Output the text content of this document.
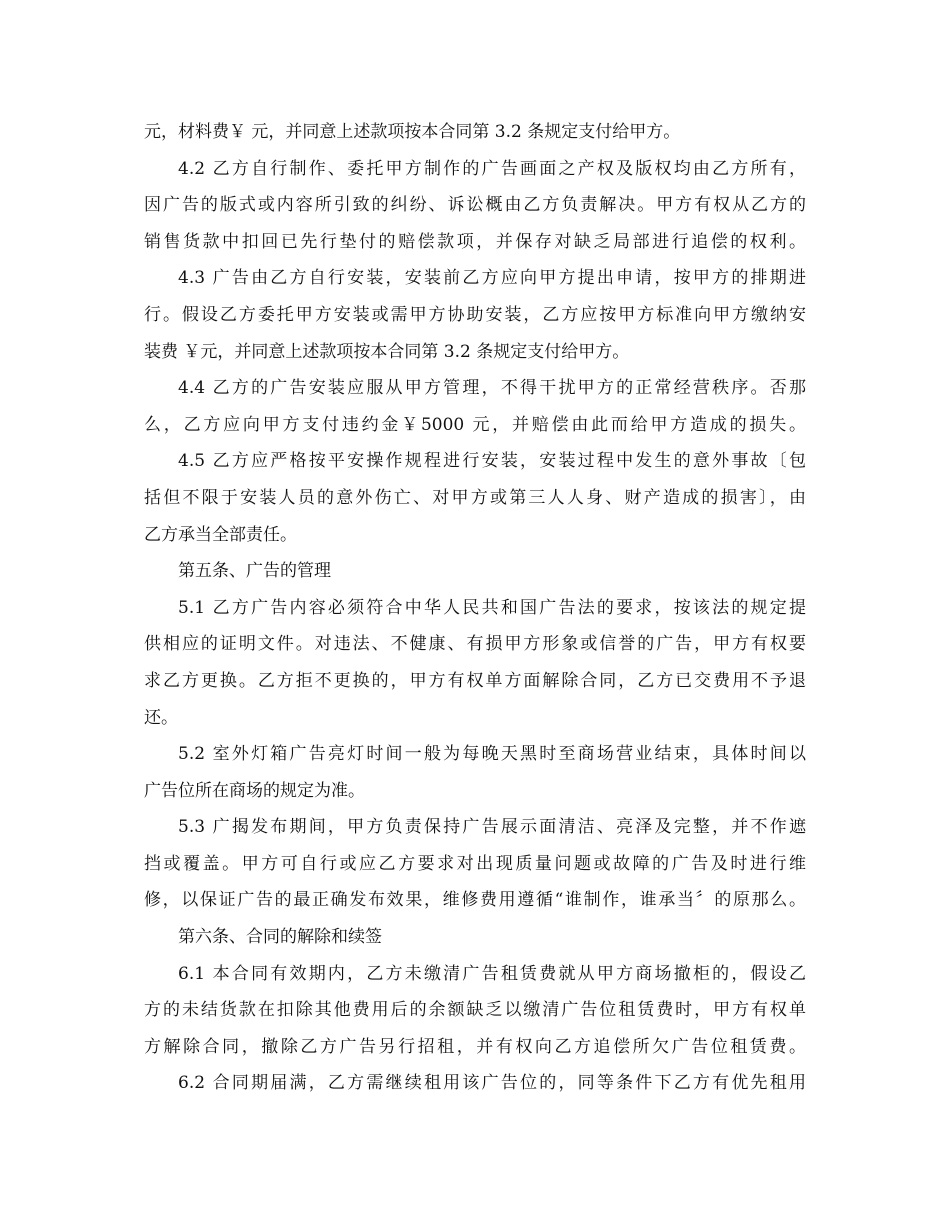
元，材料费￥ 元，并同意上述款项按本合同第 3.2 条规定支付给甲方。
4.2 乙方自行制作、委托甲方制作的广告画面之产权及版权均由乙方所有，
因广告的版式或内容所引致的纠纷、诉讼概由乙方负责解决。甲方有权从乙方的
销售货款中扣回已先行垫付的赔偿款项，并保存对缺乏局部进行追偿的权利。
4.3 广告由乙方自行安装，安装前乙方应向甲方提出申请，按甲方的排期进
行。假设乙方委托甲方安装或需甲方协助安装，乙方应按甲方标准向甲方缴纳安
装费 ￥元，并同意上述款项按本合同第 3.2 条规定支付给甲方。
4.4 乙方的广告安装应服从甲方管理，不得干扰甲方的正常经营秩序。否那
么，乙方应向甲方支付违约金￥5000 元，并赔偿由此而给甲方造成的损失。
4.5 乙方应严格按平安操作规程进行安装，安装过程中发生的意外事故〔包
括但不限于安装人员的意外伤亡、对甲方或第三人人身、财产造成的损害〕，由
乙方承当全部责任。
第五条、广告的管理
5.1 乙方广告内容必须符合中华人民共和国广告法的要求，按该法的规定提
供相应的证明文件。对违法、不健康、有损甲方形象或信誉的广告，甲方有权要
求乙方更换。乙方拒不更换的，甲方有权单方面解除合同，乙方已交费用不予退
还。
5.2 室外灯箱广告亮灯时间一般为每晚天黑时至商场营业结束，具体时间以
广告位所在商场的规定为准。
5.3 广揭发布期间，甲方负责保持广告展示面清洁、亮泽及完整，并不作遮
挡或覆盖。甲方可自行或应乙方要求对出现质量问题或故障的广告及时进行维
修，以保证广告的最正确发布效果，维修费用遵循“谁制作，谁承当〞的原那么。
第六条、合同的解除和续签
6.1 本合同有效期内，乙方未缴清广告租赁费就从甲方商场撤柜的，假设乙
方的未结货款在扣除其他费用后的余额缺乏以缴清广告位租赁费时，甲方有权单
方解除合同，撤除乙方广告另行招租，并有权向乙方追偿所欠广告位租赁费。
6.2 合同期届满，乙方需继续租用该广告位的，同等条件下乙方有优先租用
